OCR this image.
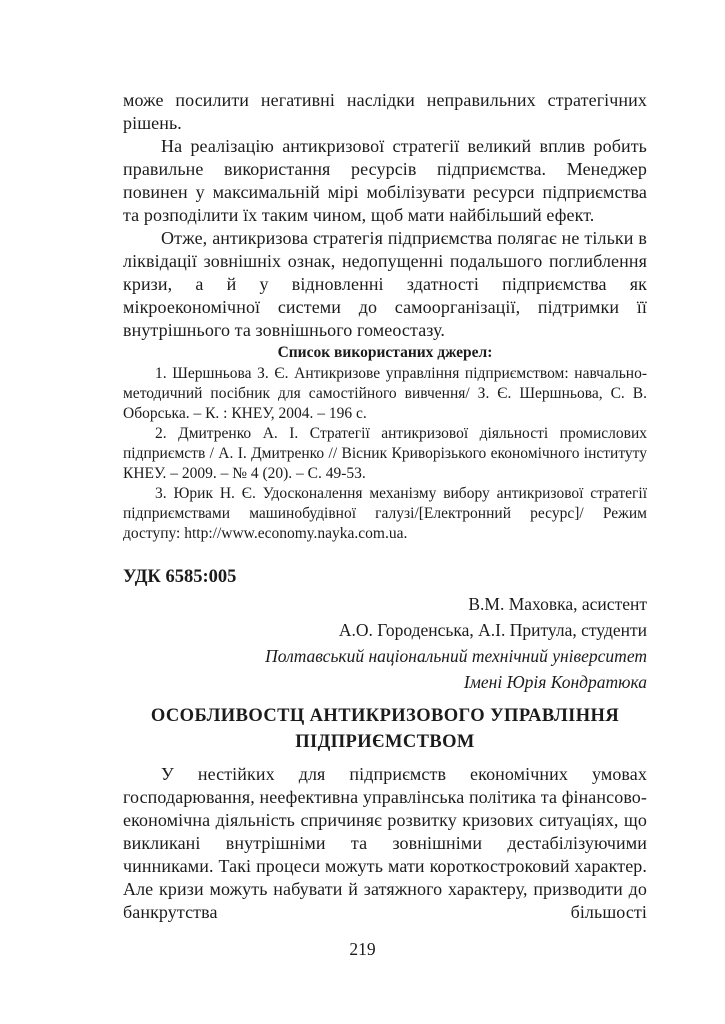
може посилити негативні наслідки неправильних стратегічних рішень.

На реалізацію антикризової стратегії великий вплив робить правильне використання ресурсів підприємства. Менеджер повинен у максимальній мірі мобілізувати ресурси підприємства та розподілити їх таким чином, щоб мати найбільший ефект.

Отже, антикризова стратегія підприємства полягає не тільки в ліквідації зовнішніх ознак, недопущенні подальшого поглиблення кризи, а й у відновленні здатності підприємства як мікроекономічної системи до самоорганізації, підтримки її внутрішнього та зовнішнього гомеостазу.

Список використаних джерел:

1. Шершньова З. Є. Антикризове управління підприємством: навчально-методичний посібник для самостійного вивчення/ З. Є. Шершньова, С. В. Оборська. – К. : КНЕУ, 2004. – 196 с.

2. Дмитренко А. І. Стратегії антикризової діяльності промислових підприємств / А. І. Дмитренко // Вісник Криворізького економічного інституту КНЕУ. – 2009. – № 4 (20). – С. 49-53.

3. Юрик Н. Є. Удосконалення механізму вибору антикризової стратегії підприємствами машинобудівної галузі/[Електронний ресурс]/ Режим доступу: http://www.economy.nayka.com.ua.

УДК 6585:005
В.М. Маховка, асистент
А.О. Городенська, А.І. Притула, студенти
Полтавський національний технічний університет
Імені Юрія Кондратюка
ОСОБЛИВОСТЦ АНТИКРИЗОВОГО УПРАВЛІННЯ ПІДПРИЄМСТВОМ

У нестійких для підприємств економічних умовах господарювання, неефективна управлінська політика та фінансово-економічна діяльність спричиняє розвитку кризових ситуаціях, що викликані внутрішніми та зовнішніми дестабілізуючими чинниками. Такі процеси можуть мати короткостроковий характер. Але кризи можуть набувати й затяжного характеру, призводити до банкрутства більшості

219
